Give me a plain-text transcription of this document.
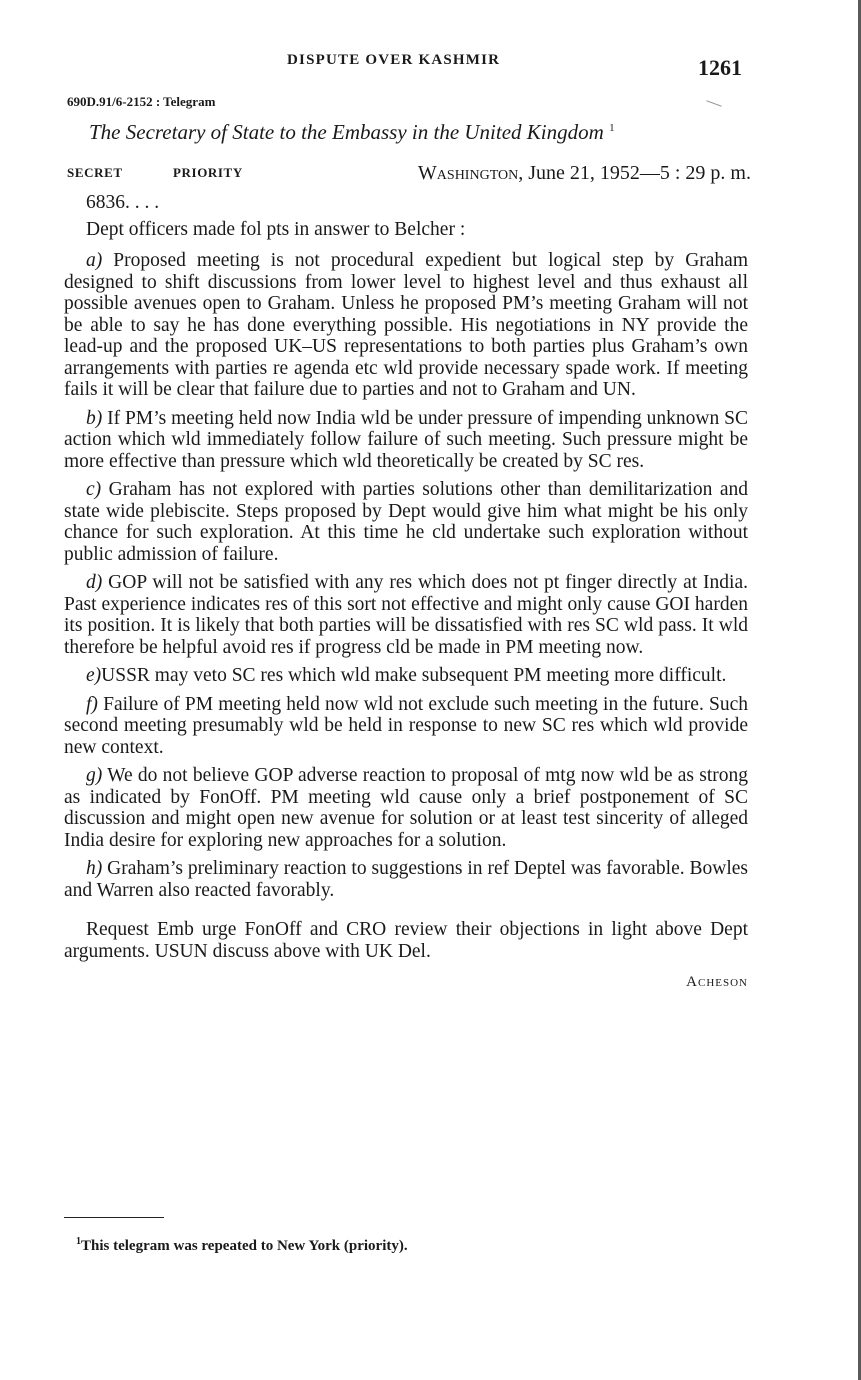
DISPUTE OVER KASHMIR	1261
690D.91/6-2152 : Telegram
The Secretary of State to the Embassy in the United Kingdom $^1$
SECRET	PRIORITY	Washington, June 21, 1952—5 : 29 p. m.

6836. . . .

Dept officers made fol pts in answer to Belcher :

a) Proposed meeting is not procedural expedient but logical step by Graham designed to shift discussions from lower level to highest level and thus exhaust all possible avenues open to Graham. Unless he proposed PM’s meeting Graham will not be able to say he has done everything possible. His negotiations in NY provide the lead-up and the proposed UK–US representations to both parties plus Graham’s own arrangements with parties re agenda etc wld provide necessary spade work. If meeting fails it will be clear that failure due to parties and not to Graham and UN.

b) If PM’s meeting held now India wld be under pressure of impending unknown SC action which wld immediately follow failure of such meeting. Such pressure might be more effective than pressure which wld theoretically be created by SC res.

c) Graham has not explored with parties solutions other than demilitarization and state wide plebiscite. Steps proposed by Dept would give him what might be his only chance for such exploration. At this time he cld undertake such exploration without public admission of failure.

d) GOP will not be satisfied with any res which does not pt finger directly at India. Past experience indicates res of this sort not effective and might only cause GOI harden its position. It is likely that both parties will be dissatisfied with res SC wld pass. It wld therefore be helpful avoid res if progress cld be made in PM meeting now.

e)USSR may veto SC res which wld make subsequent PM meeting more difficult.

f) Failure of PM meeting held now wld not exclude such meeting in the future. Such second meeting presumably wld be held in response to new SC res which wld provide new context.

g) We do not believe GOP adverse reaction to proposal of mtg now wld be as strong as indicated by FonOff. PM meeting wld cause only a brief postponement of SC discussion and might open new avenue for solution or at least test sincerity of alleged India desire for exploring new approaches for a solution.

h) Graham’s preliminary reaction to suggestions in ref Deptel was favorable. Bowles and Warren also reacted favorably.

Request Emb urge FonOff and CRO review their objections in light above Dept arguments. USUN discuss above with UK Del.

Acheson
$^1$This telegram was repeated to New York (priority).
